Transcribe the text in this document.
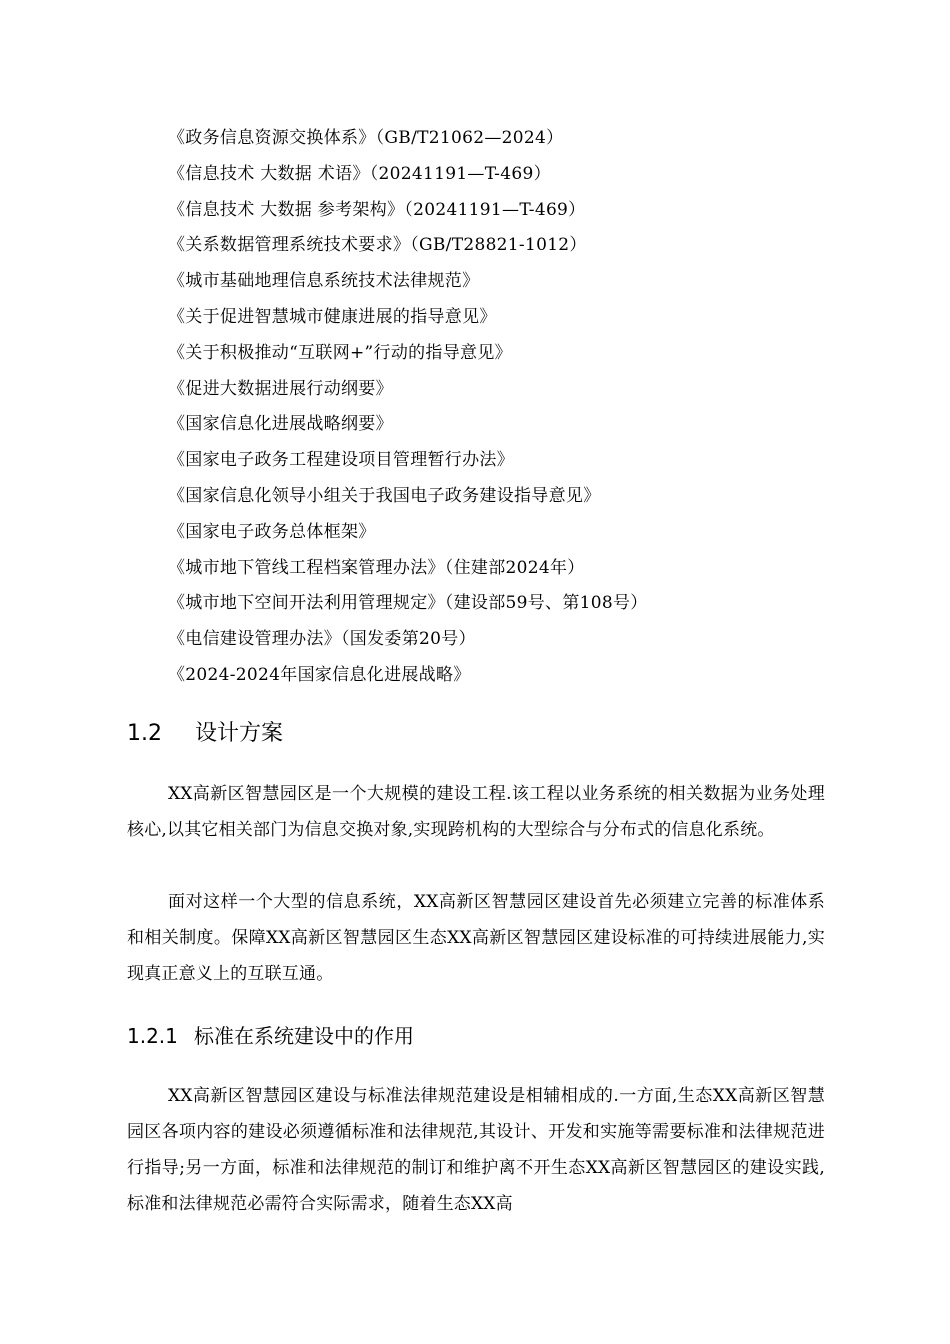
《政务信息资源交换体系》（GB/T21062—2024）
《信息技术 大数据 术语》（20241191—T-469）
《信息技术 大数据 参考架构》（20241191—T-469）
《关系数据管理系统技术要求》（GB/T28821-1012）
《城市基础地理信息系统技术法律规范》
《关于促进智慧城市健康进展的指导意见》
《关于积极推动“互联网+”行动的指导意见》
《促进大数据进展行动纲要》
《国家信息化进展战略纲要》
《国家电子政务工程建设项目管理暂行办法》
《国家信息化领导小组关于我国电子政务建设指导意见》
《国家电子政务总体框架》
《城市地下管线工程档案管理办法》（住建部2024年）
《城市地下空间开法利用管理规定》（建设部59号、第108号）
《电信建设管理办法》（国发委第20号）
《2024-2024年国家信息化进展战略》
1.2 设计方案

XX高新区智慧园区是一个大规模的建设工程.该工程以业务系统的相关数据为业务处理核心,以其它相关部门为信息交换对象,实现跨机构的大型综合与分布式的信息化系统。

面对这样一个大型的信息系统，XX高新区智慧园区建设首先必须建立完善的标准体系和相关制度。保障XX高新区智慧园区生态XX高新区智慧园区建设标准的可持续进展能力,实现真正意义上的互联互通。

1.2.1 标准在系统建设中的作用

XX高新区智慧园区建设与标准法律规范建设是相辅相成的.一方面,生态XX高新区智慧园区各项内容的建设必须遵循标准和法律规范,其设计、开发和实施等需要标准和法律规范进行指导;另一方面，标准和法律规范的制订和维护离不开生态XX高新区智慧园区的建设实践,标准和法律规范必需符合实际需求，随着生态XX高
